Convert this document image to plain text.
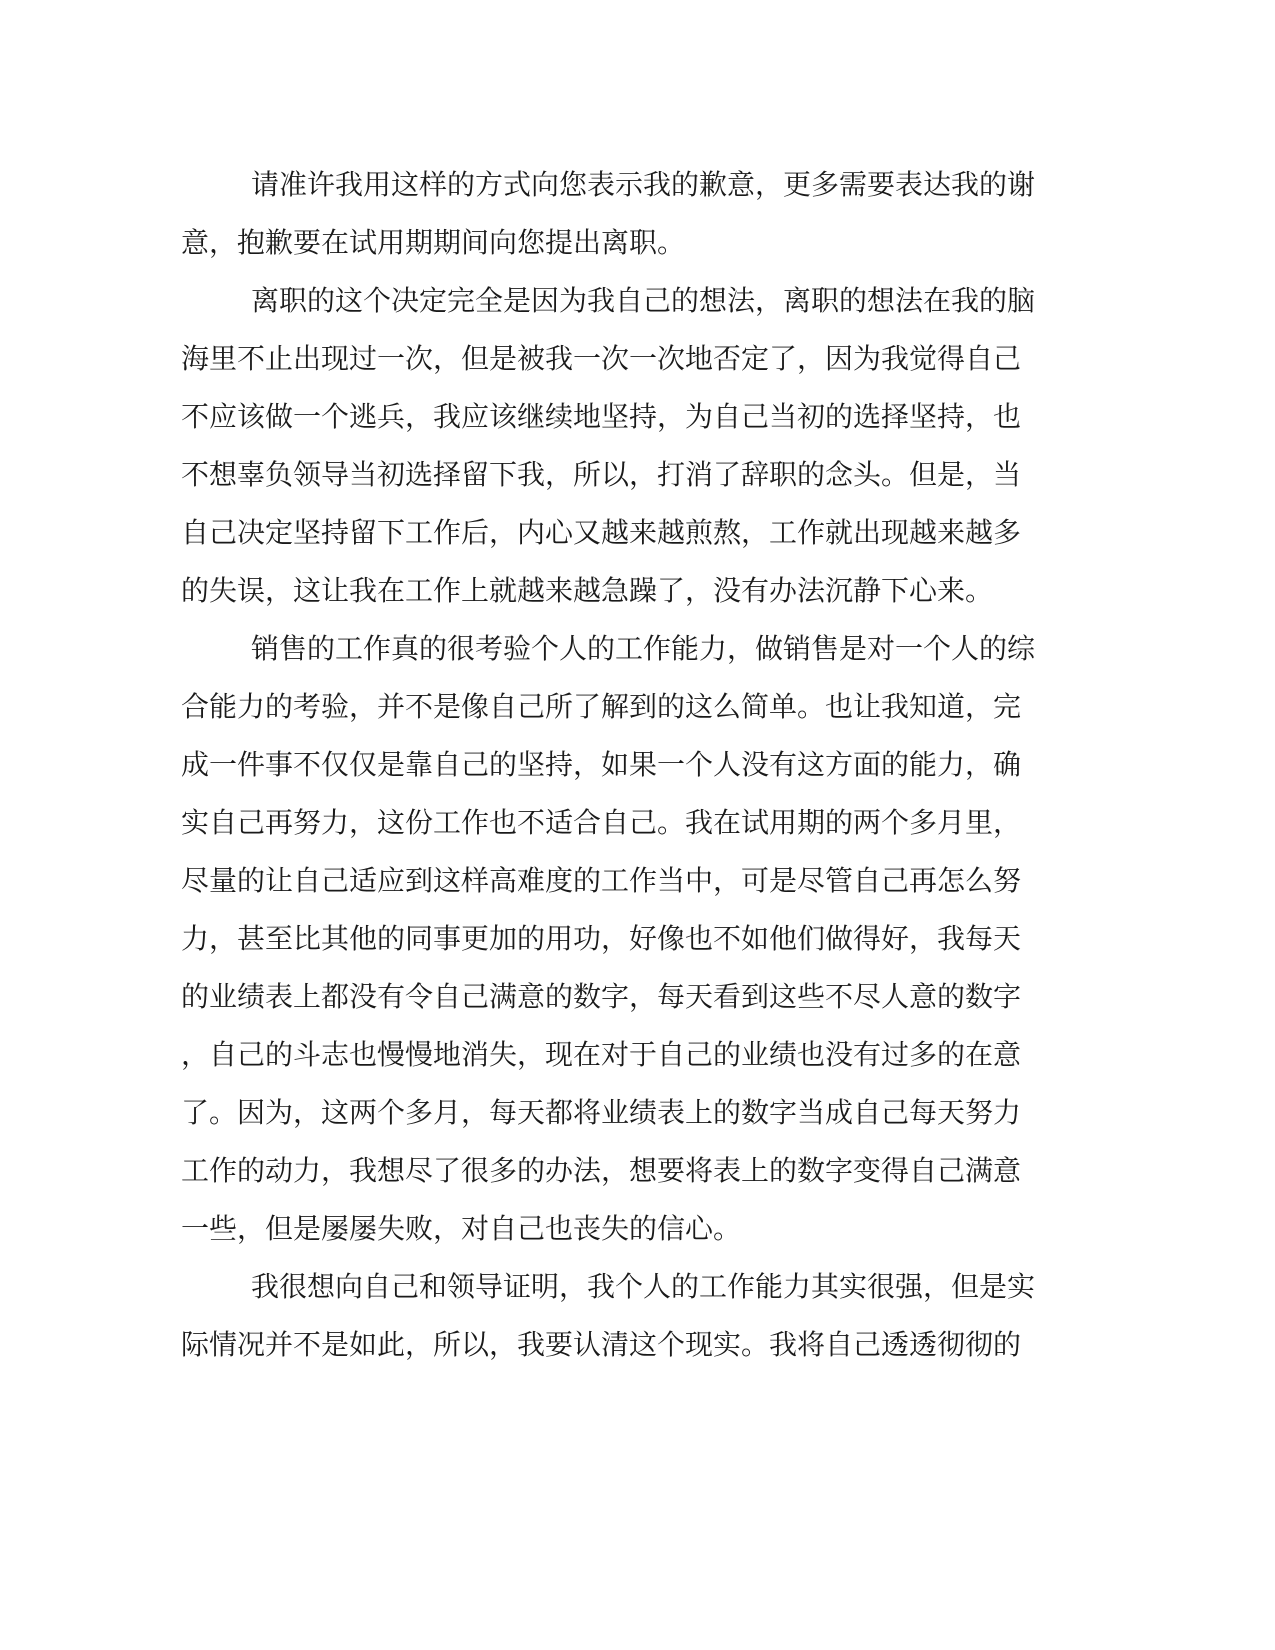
请准许我用这样的方式向您表示我的歉意，更多需要表达我的谢
意，抱歉要在试用期期间向您提出离职。

离职的这个决定完全是因为我自己的想法，离职的想法在我的脑
海里不止出现过一次，但是被我一次一次地否定了，因为我觉得自己
不应该做一个逃兵，我应该继续地坚持，为自己当初的选择坚持，也
不想辜负领导当初选择留下我，所以，打消了辞职的念头。但是，当
自己决定坚持留下工作后，内心又越来越煎熬，工作就出现越来越多
的失误，这让我在工作上就越来越急躁了，没有办法沉静下心来。

销售的工作真的很考验个人的工作能力，做销售是对一个人的综
合能力的考验，并不是像自己所了解到的这么简单。也让我知道，完
成一件事不仅仅是靠自己的坚持，如果一个人没有这方面的能力，确
实自己再努力，这份工作也不适合自己。我在试用期的两个多月里，
尽量的让自己适应到这样高难度的工作当中，可是尽管自己再怎么努
力，甚至比其他的同事更加的用功，好像也不如他们做得好，我每天
的业绩表上都没有令自己满意的数字，每天看到这些不尽人意的数字
，自己的斗志也慢慢地消失，现在对于自己的业绩也没有过多的在意
了。因为，这两个多月，每天都将业绩表上的数字当成自己每天努力
工作的动力，我想尽了很多的办法，想要将表上的数字变得自己满意
一些，但是屡屡失败，对自己也丧失的信心。

我很想向自己和领导证明，我个人的工作能力其实很强，但是实
际情况并不是如此，所以，我要认清这个现实。我将自己透透彻彻的
